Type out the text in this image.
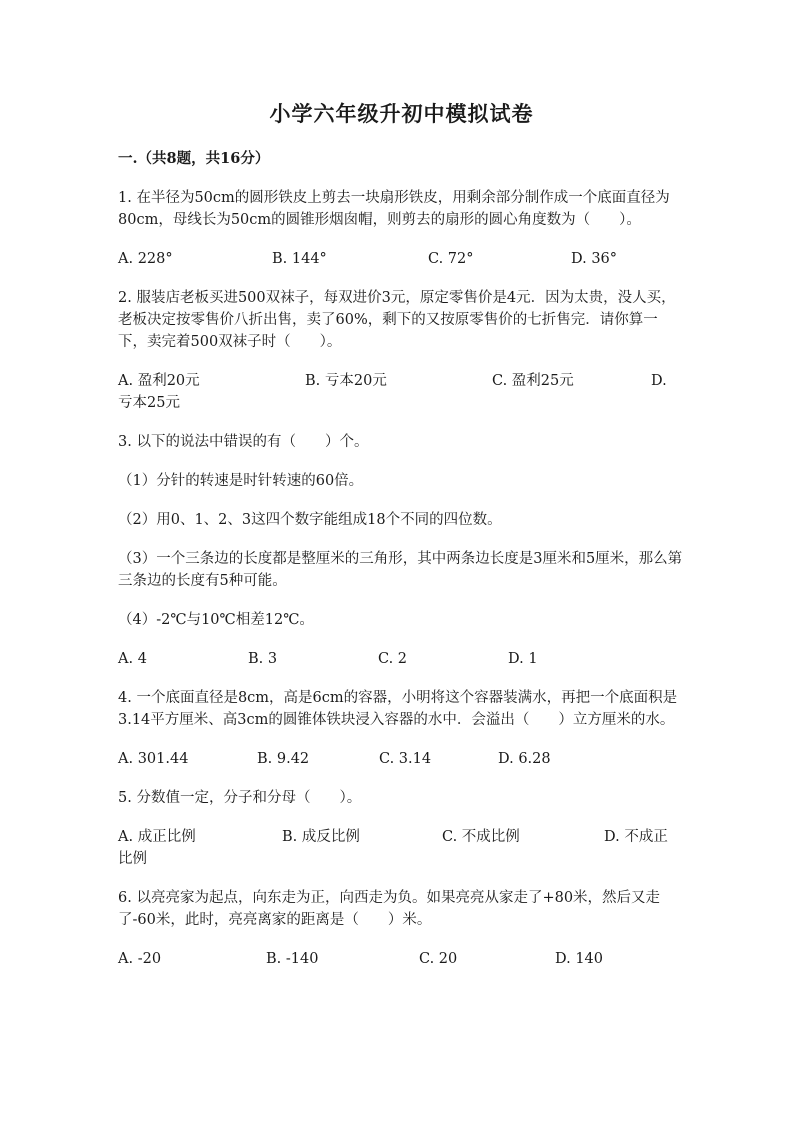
小学六年级升初中模拟试卷
一.（共8题，共16分）
1. 在半径为50cm的圆形铁皮上剪去一块扇形铁皮，用剩余部分制作成一个底面直径为80cm，母线长为50cm的圆锥形烟囱帽，则剪去的扇形的圆心角度数为（　　）。
A. 228°	B. 144°	C. 72°	D. 36°
2. 服装店老板买进500双袜子，每双进价3元，原定零售价是4元．因为太贵，没人买，老板决定按零售价八折出售，卖了60%，剩下的又按原零售价的七折售完．请你算一下，卖完着500双袜子时（　　）。
A. 盈利20元	B. 亏本20元	C. 盈利25元	D.
亏本25元
3. 以下的说法中错误的有（　　）个。
（1）分针的转速是时针转速的60倍。
（2）用0、1、2、3这四个数字能组成18个不同的四位数。
（3）一个三条边的长度都是整厘米的三角形，其中两条边长度是3厘米和5厘米，那么第三条边的长度有5种可能。
（4）-2℃与10℃相差12℃。
A. 4	B. 3	C. 2	D. 1
4. 一个底面直径是8cm，高是6cm的容器，小明将这个容器装满水，再把一个底面积是3.14平方厘米、高3cm的圆锥体铁块浸入容器的水中．会溢出（　　）立方厘米的水。
A. 301.44	B. 9.42	C. 3.14	D. 6.28
5. 分数值一定，分子和分母（　　）。
A. 成正比例	B. 成反比例	C. 不成比例	D. 不成正
比例
6. 以亮亮家为起点，向东走为正，向西走为负。如果亮亮从家走了+80米，然后又走了-60米，此时，亮亮离家的距离是（　　）米。
A. -20	B. -140	C. 20	D. 140
